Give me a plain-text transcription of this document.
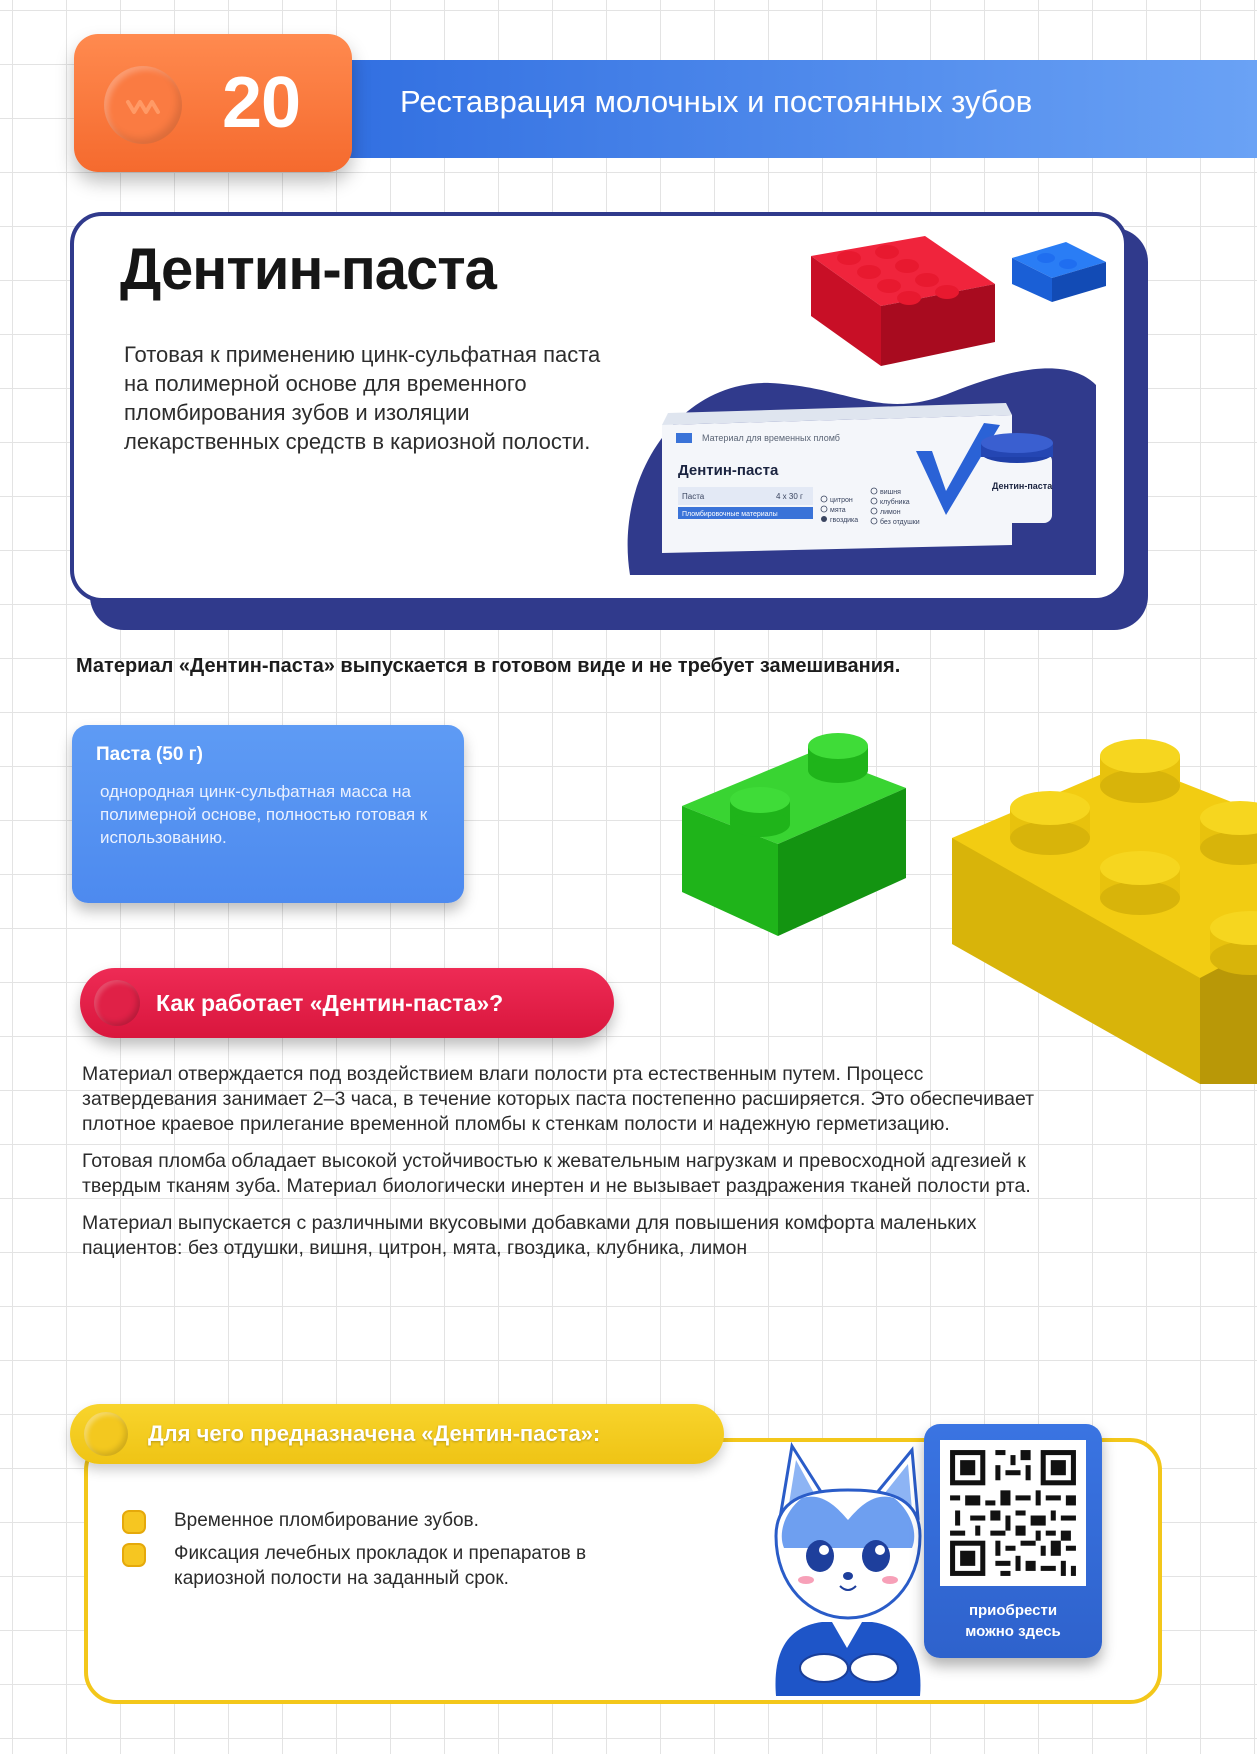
Реставрация молочных и постоянных зубов
20
Дентин-паста
Готовая к применению цинк-сульфатная паста на полимерной основе для временного пломбирования зубов и изоляции лекарственных средств в кариозной полости.	Материал для временных пломб
Дентин-паста
Паста	4 x 30 г
Пломбировочные материалы
цитрон
мята
гвоздика
вишня
клубника
лимон
без отдушки
Дентин-паста
Материал «Дентин-паста» выпускается в готовом виде и не требует замешивания.
Паста (50 г)
однородная цинк-сульфатная масса на полимерной основе, полностью готовая к использованию.
Как работает «Дентин-паста»?

Материал отверждается под воздействием влаги полости рта естественным путем. Процесс затвердевания занимает 2–3 часа, в течение которых паста постепенно расширяется. Это обеспечивает плотное краевое прилегание временной пломбы к стенкам полости и надежную герметизацию.

Готовая пломба обладает высокой устойчивостью к жевательным нагрузкам и превосходной адгезией к твердым тканям зуба. Материал биологически инертен и не вызывает раздражения тканей полости рта.

Материал выпускается с различными вкусовыми добавками для повышения комфорта маленьких пациентов: без отдушки, вишня, цитрон, мята, гвоздика, клубника, лимон

Для чего предназначена «Дентин-паста»:
Временное пломбирование зубов.
Фиксация лечебных прокладок и препаратов в кариозной полости на заданный срок.
приобрести
можно здесь
